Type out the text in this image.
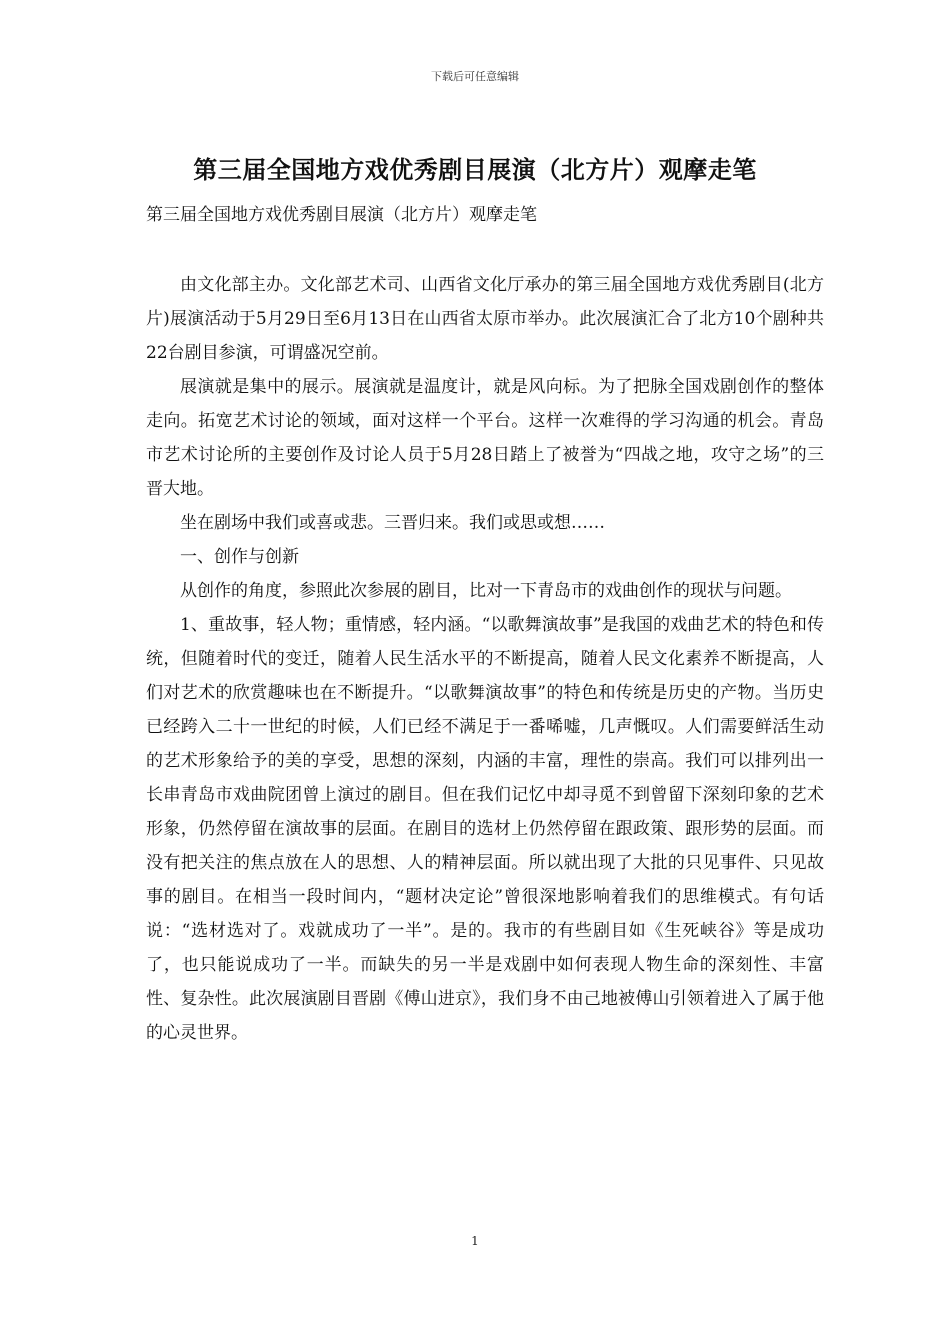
下载后可任意编辑
第三届全国地方戏优秀剧目展演（北方片）观摩走笔
第三届全国地方戏优秀剧目展演（北方片）观摩走笔

由文化部主办。文化部艺术司、山西省文化厅承办的第三届全国地方戏优秀剧目(北方片)展演活动于5月29日至6月13日在山西省太原市举办。此次展演汇合了北方10个剧种共22台剧目参演，可谓盛况空前。

展演就是集中的展示。展演就是温度计，就是风向标。为了把脉全国戏剧创作的整体走向。拓宽艺术讨论的领域，面对这样一个平台。这样一次难得的学习沟通的机会。青岛市艺术讨论所的主要创作及讨论人员于5月28日踏上了被誉为“四战之地，攻守之场”的三晋大地。

坐在剧场中我们或喜或悲。三晋归来。我们或思或想……

一、创作与创新

从创作的角度，参照此次参展的剧目，比对一下青岛市的戏曲创作的现状与问题。

1、重故事，轻人物；重情感，轻内涵。“以歌舞演故事”是我国的戏曲艺术的特色和传统，但随着时代的变迁，随着人民生活水平的不断提高，随着人民文化素养不断提高，人们对艺术的欣赏趣味也在不断提升。“以歌舞演故事”的特色和传统是历史的产物。当历史已经跨入二十一世纪的时候，人们已经不满足于一番唏嘘，几声慨叹。人们需要鲜活生动的艺术形象给予的美的享受，思想的深刻，内涵的丰富，理性的崇高。我们可以排列出一长串青岛市戏曲院团曾上演过的剧目。但在我们记忆中却寻觅不到曾留下深刻印象的艺术形象，仍然停留在演故事的层面。在剧目的选材上仍然停留在跟政策、跟形势的层面。而没有把关注的焦点放在人的思想、人的精神层面。所以就出现了大批的只见事件、只见故事的剧目。在相当一段时间内，“题材决定论”曾很深地影响着我们的思维模式。有句话说：“选材选对了。戏就成功了一半”。是的。我市的有些剧目如《生死峡谷》等是成功了，也只能说成功了一半。而缺失的另一半是戏剧中如何表现人物生命的深刻性、丰富性、复杂性。此次展演剧目晋剧《傅山进京》，我们身不由己地被傅山引领着进入了属于他的心灵世界。

1
